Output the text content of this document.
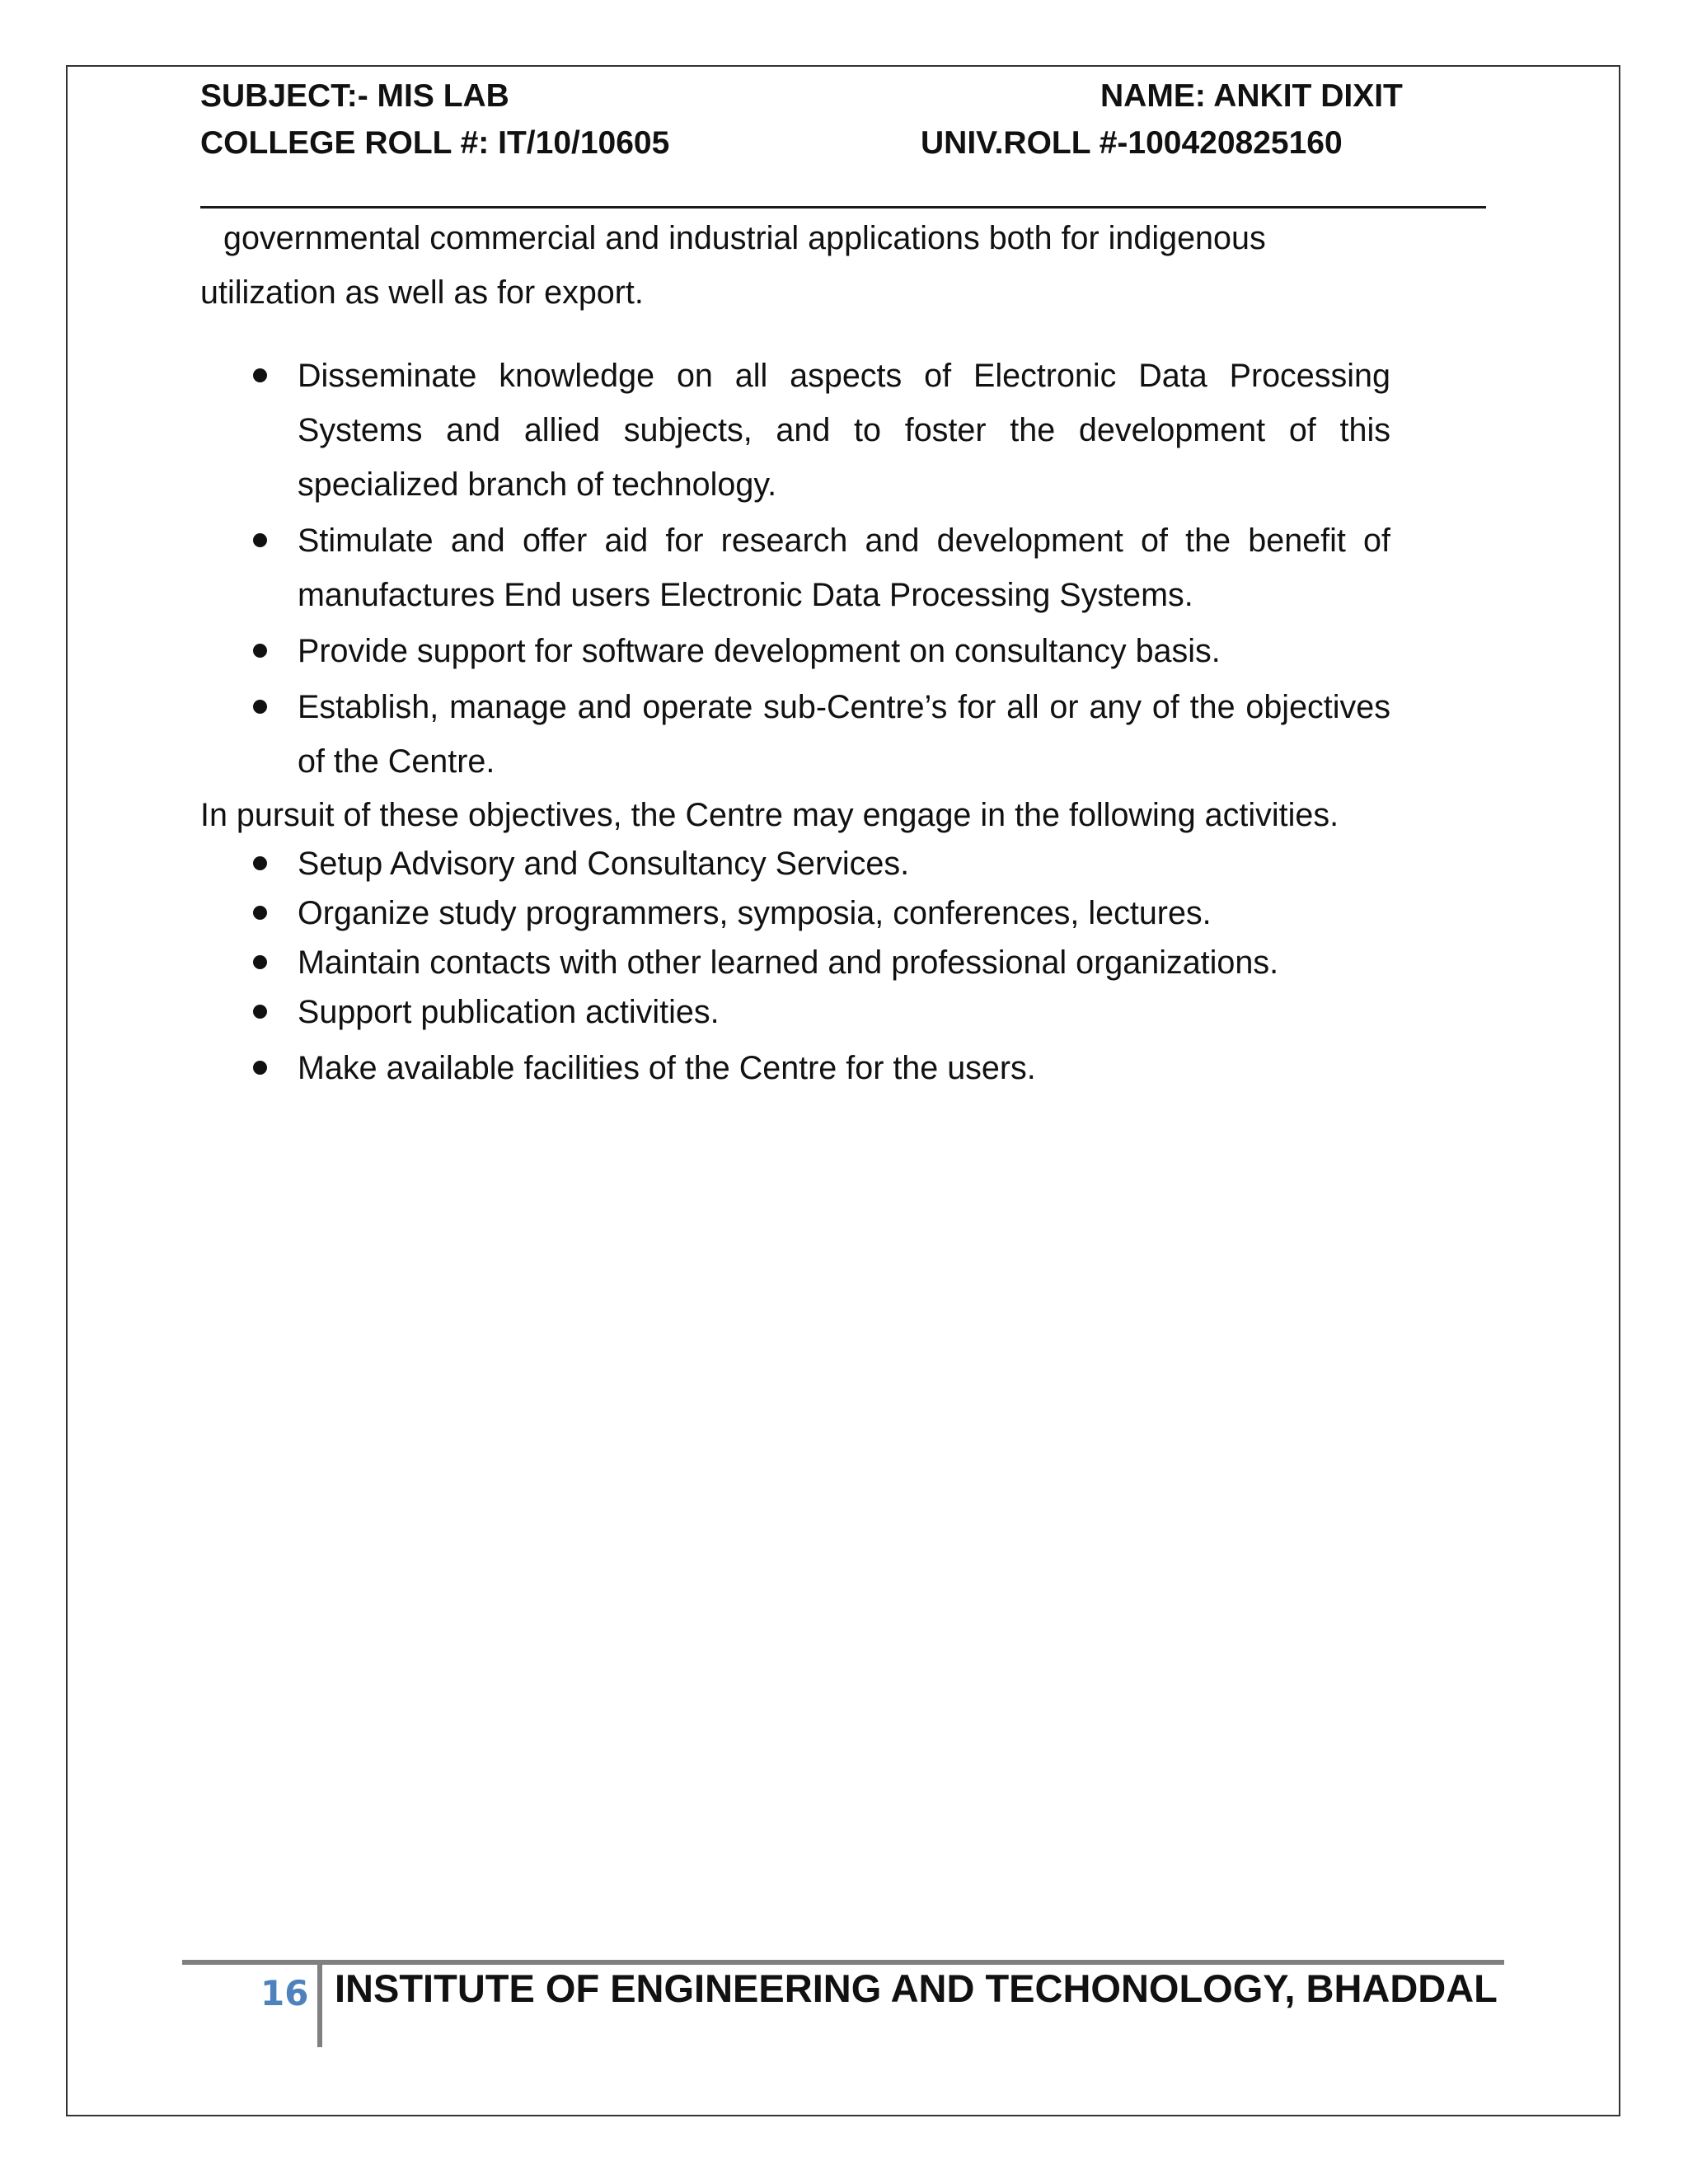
SUBJECT:- MIS LAB	NAME: ANKIT DIXIT
COLLEGE ROLL #: IT/10/10605	UNIV.ROLL #-100420825160
governmental commercial and industrial applications both for indigenous
utilization as well as for export.
Disseminate knowledge on all aspects of Electronic Data Processing Systems and allied subjects, and to foster the development of this specialized branch of technology.
Stimulate and offer aid for research and development of the benefit of manufactures End users Electronic Data Processing Systems.
Provide support for software development on consultancy basis.
Establish, manage and operate sub-Centre’s for all or any of the objectives of the Centre.
In pursuit of these objectives, the Centre may engage in the following activities.
Setup Advisory and Consultancy Services.
Organize study programmers, symposia, conferences, lectures.
Maintain contacts with other learned and professional organizations.
Support publication activities.
Make available facilities of the Centre for the users.
16 INSTITUTE OF ENGINEERING AND TECHONOLOGY, BHADDAL
